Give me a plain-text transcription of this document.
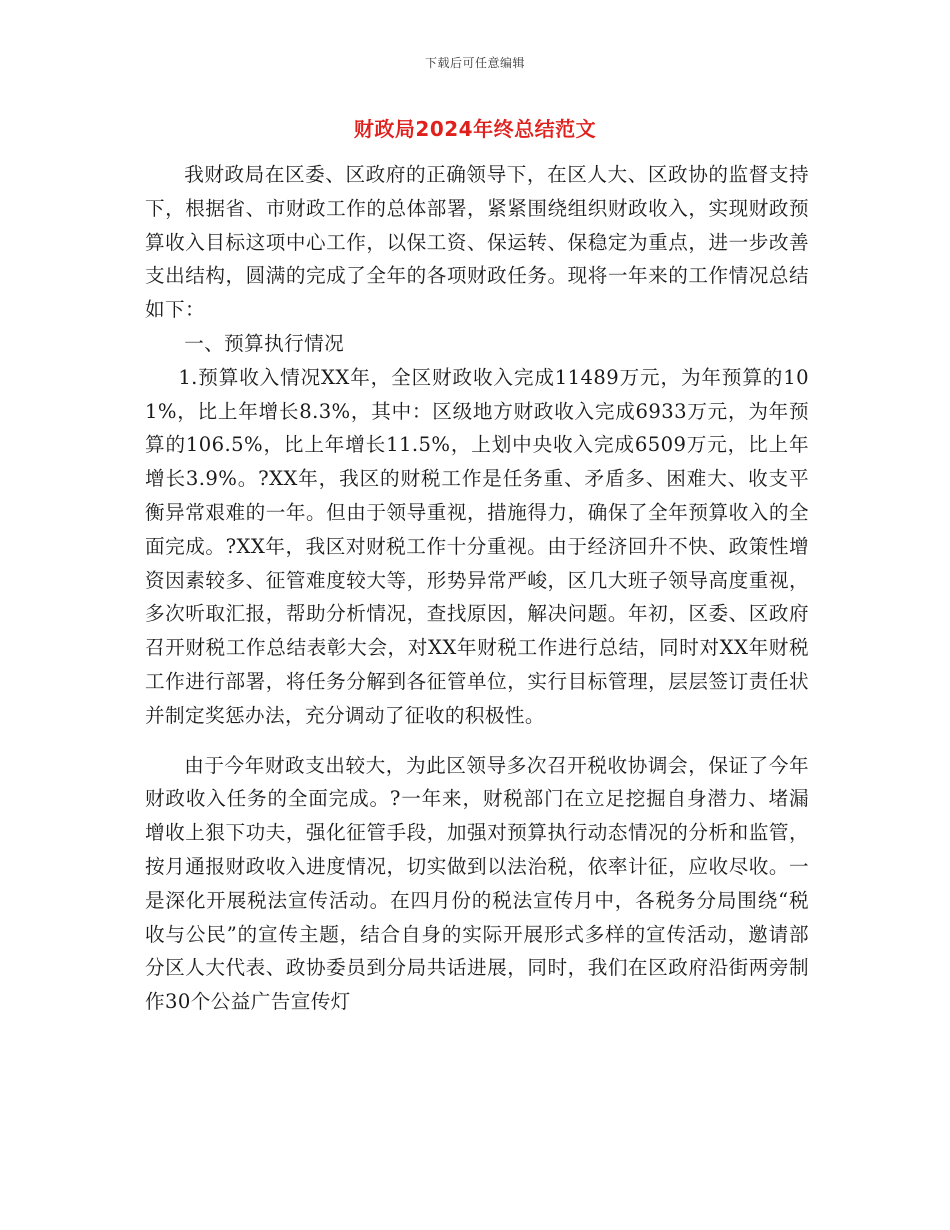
下载后可任意编辑
财政局2024年终总结范文

我财政局在区委、区政府的正确领导下，在区人大、区政协的监督支持下，根据省、市财政工作的总体部署，紧紧围绕组织财政收入，实现财政预算收入目标这项中心工作，以保工资、保运转、保稳定为重点，进一步改善支出结构，圆满的完成了全年的各项财政任务。现将一年来的工作情况总结如下：

一、预算执行情况

1.预算收入情况XX年，全区财政收入完成11489万元，为年预算的101%，比上年增长8.3%，其中：区级地方财政收入完成6933万元，为年预算的106.5%，比上年增长11.5%，上划中央收入完成6509万元，比上年增长3.9%。?XX年，我区的财税工作是任务重、矛盾多、困难大、收支平衡异常艰难的一年。但由于领导重视，措施得力，确保了全年预算收入的全面完成。?XX年，我区对财税工作十分重视。由于经济回升不快、政策性增资因素较多、征管难度较大等，形势异常严峻，区几大班子领导高度重视，多次听取汇报，帮助分析情况，查找原因，解决问题。年初，区委、区政府召开财税工作总结表彰大会，对XX年财税工作进行总结，同时对XX年财税工作进行部署，将任务分解到各征管单位，实行目标管理，层层签订责任状并制定奖惩办法，充分调动了征收的积极性。

由于今年财政支出较大，为此区领导多次召开税收协调会，保证了今年财政收入任务的全面完成。?一年来，财税部门在立足挖掘自身潜力、堵漏增收上狠下功夫，强化征管手段，加强对预算执行动态情况的分析和监管，按月通报财政收入进度情况，切实做到以法治税，依率计征，应收尽收。一是深化开展税法宣传活动。在四月份的税法宣传月中，各税务分局围绕“税收与公民”的宣传主题，结合自身的实际开展形式多样的宣传活动，邀请部分区人大代表、政协委员到分局共话进展，同时，我们在区政府沿街两旁制作30个公益广告宣传灯
